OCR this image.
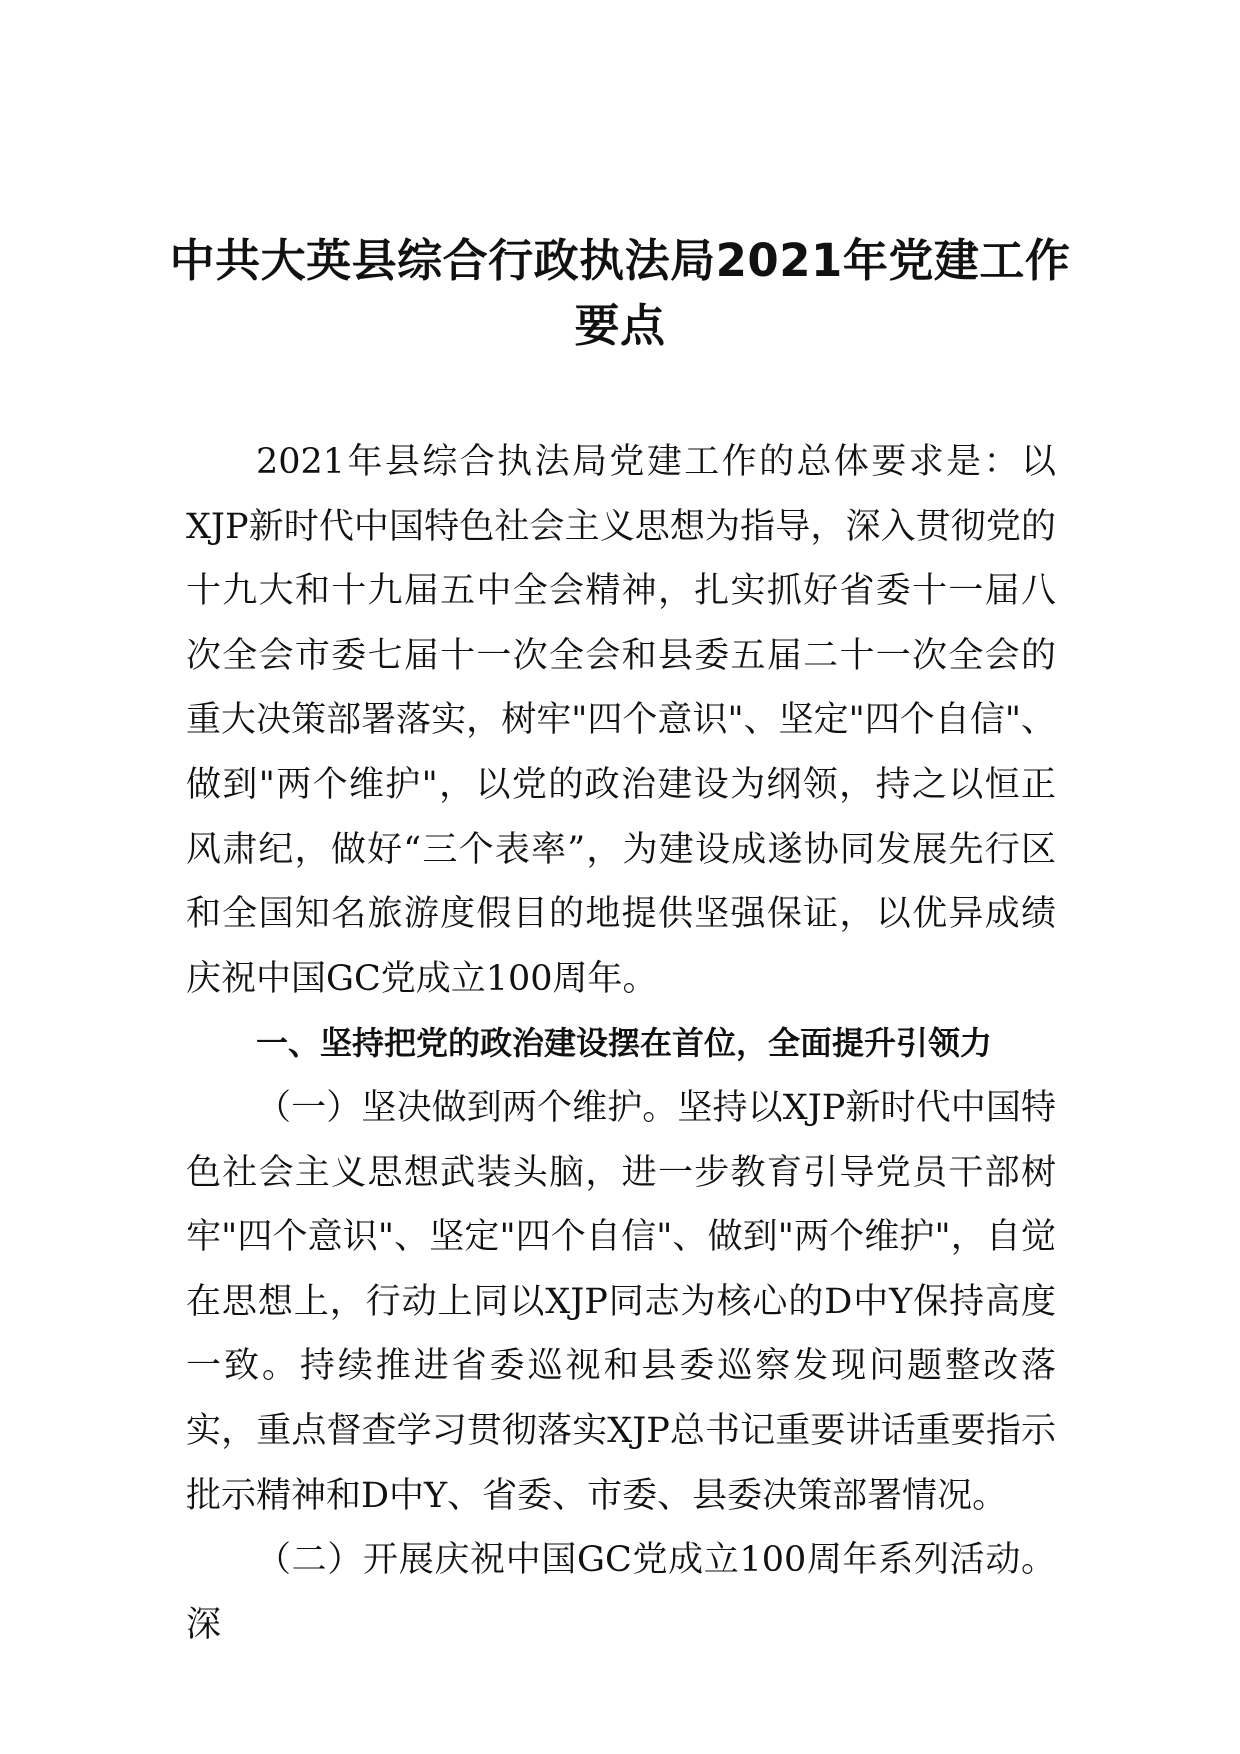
中共大英县综合行政执法局2021年党建工作要点

2021年县综合执法局党建工作的总体要求是：以XJP新时代中国特色社会主义思想为指导，深入贯彻党的十九大和十九届五中全会精神，扎实抓好省委十一届八次全会市委七届十一次全会和县委五届二十一次全会的重大决策部署落实，树牢"四个意识"、坚定"四个自信"、做到"两个维护"，以党的政治建设为纲领，持之以恒正风肃纪，做好“三个表率”，为建设成遂协同发展先行区和全国知名旅游度假目的地提供坚强保证，以优异成绩庆祝中国GC党成立100周年。

一、坚持把党的政治建设摆在首位，全面提升引领力

（一）坚决做到两个维护。坚持以XJP新时代中国特色社会主义思想武装头脑，进一步教育引导党员干部树牢"四个意识"、坚定"四个自信"、做到"两个维护"，自觉在思想上，行动上同以XJP同志为核心的D中Y保持高度一致。持续推进省委巡视和县委巡察发现问题整改落实，重点督查学习贯彻落实XJP总书记重要讲话重要指示批示精神和D中Y、省委、市委、县委决策部署情况。

（二）开展庆祝中国GC党成立100周年系列活动。深
